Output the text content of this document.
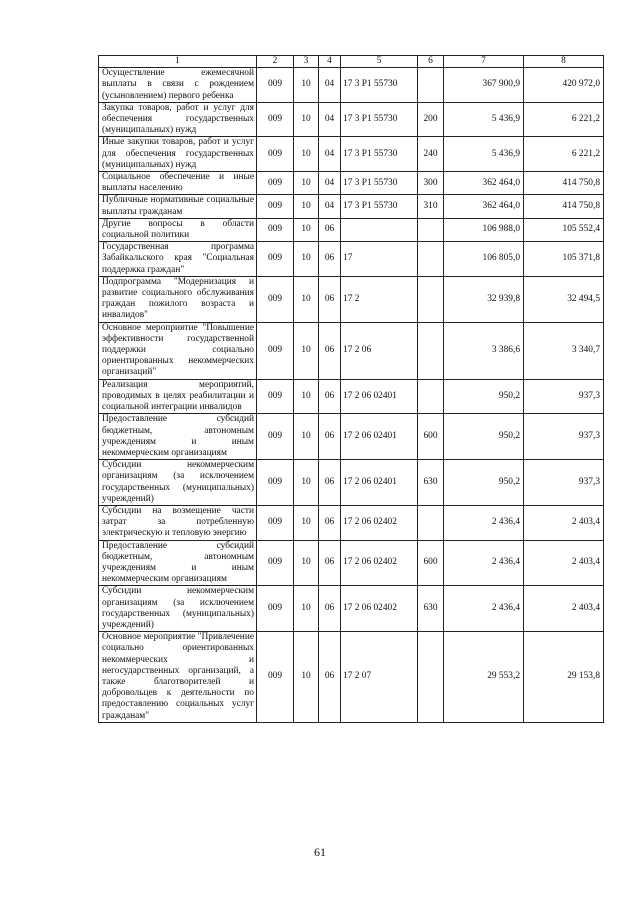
1	2	3	4	5	6	7	8
Осуществление ежемесячной выплаты в связи с рождением (усыновлением) первого ребенка	009	10	04	17 3 P1 55730		367 900,9	420 972,0
Закупка товаров, работ и услуг для обеспечения государственных (муниципальных) нужд	009	10	04	17 3 P1 55730	200	5 436,9	6 221,2
Иные закупки товаров, работ и услуг для обеспечения государственных (муниципальных) нужд	009	10	04	17 3 P1 55730	240	5 436,9	6 221,2
Социальное обеспечение и иные выплаты населению	009	10	04	17 3 P1 55730	300	362 464,0	414 750,8
Публичные нормативные социальные выплаты гражданам	009	10	04	17 3 P1 55730	310	362 464,0	414 750,8
Другие вопросы в области социальной политики	009	10	06			106 988,0	105 552,4
Государственная программа Забайкальского края "Социальная поддержка граждан"	009	10	06	17		106 805,0	105 371,8
Подпрограмма "Модернизация и развитие социального обслуживания граждан пожилого возраста и инвалидов"	009	10	06	17 2		32 939,8	32 494,5
Основное мероприятие "Повышение эффективности государственной поддержки социально ориентированных некоммерческих организаций"	009	10	06	17 2 06		3 386,6	3 340,7
Реализация мероприятий, проводимых в целях реабилитации и социальной интеграции инвалидов	009	10	06	17 2 06 02401		950,2	937,3
Предоставление субсидий бюджетным, автономным учреждениям и иным некоммерческим организациям	009	10	06	17 2 06 02401	600	950,2	937,3
Субсидии некоммерческим организациям (за исключением государственных (муниципальных) учреждений)	009	10	06	17 2 06 02401	630	950,2	937,3
Субсидии на возмещение части затрат за потребленную электрическую и тепловую энергию	009	10	06	17 2 06 02402		2 436,4	2 403,4
Предоставление субсидий бюджетным, автономным учреждениям и иным некоммерческим организациям	009	10	06	17 2 06 02402	600	2 436,4	2 403,4
Субсидии некоммерческим организациям (за исключением государственных (муниципальных) учреждений)	009	10	06	17 2 06 02402	630	2 436,4	2 403,4
Основное мероприятие "Привлечение социально ориентированных некоммерческих и негосударственных организаций, а также благотворителей и добровольцев к деятельности по предоставлению социальных услуг гражданам"	009	10	06	17 2 07		29 553,2	29 153,8
61
